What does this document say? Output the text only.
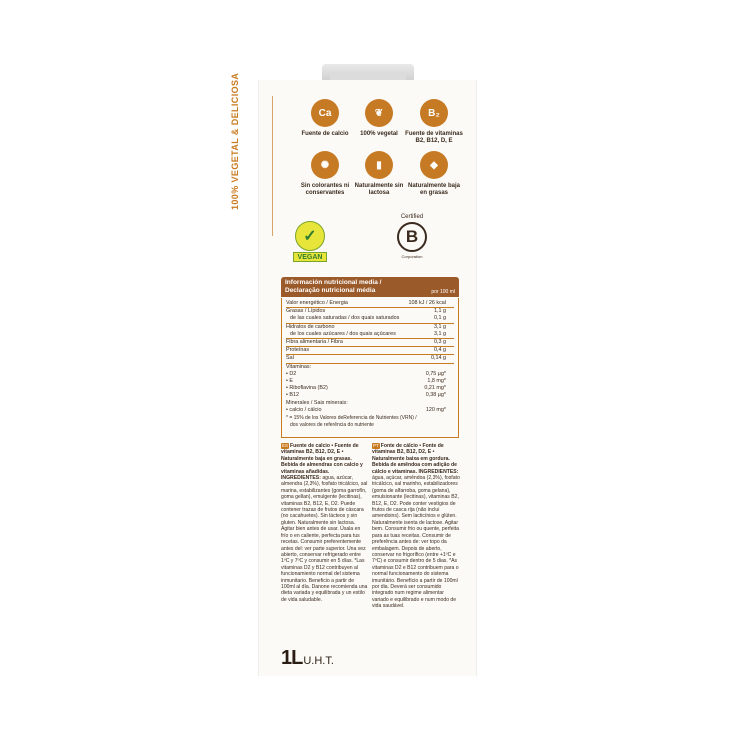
100% VEGETAL & DELICIOSA	Ca
Fuente de calcio
❦
100% vegetal
B₂
Fuente de vitaminas B2, B12, D, E
✺
Sin colorantes ni conservantes
▮
Naturalmente sin lactosa
◆
Naturalmente baja en grasas
✓
VEGAN
Certified
B
Corporation
Información nutricional media /
Declaração nutricional média	por 100 ml
Valor energético / Energia	108 kJ / 26 kcal
Grasas / Lípidos	1,1 g
de las cuales saturadas / dos quais saturados	0,1 g
Hidratos de carbono	3,1 g
de los cuales azúcares / dos quais açúcares	3,1 g
Fibra alimentaria / Fibra	0,3 g
Proteínas	0,4 g
Sal	0,14 g
Vitaminas:
• D2	0,75 µg*
• E	1,8 mg*
• Riboflavina (B2)	0,21 mg*
• B12	0,38 µg*
Minerales / Sais minerais:
• calcio / cálcio	120 mg*
* = 15% de los Valores deReferencia de Nutrientes (VRN) /
dos valores de referência do nutriente
ES Fuente de calcio • Fuente de vitaminas B2, B12, D2, E • Naturalmente baja en grasas. Bebida de almendras con calcio y vitaminas añadidas. INGREDIENTES: agua, azúcar, almendra (2,3%), fosfato tricálcico, sal marina, estabilizantes (goma garrofín, goma gellan), emulgente (lecitinas), vitaminas B2, B12, E, D2. Puede contener trazas de frutos de cáscara (no cacahuetes). Sin lácteos y sin gluten. Naturalmente sin lactosa. Agitar bien antes de usar. Úsala en frío o en caliente, perfecta para tus recetas. Consumir preferentemente antes del: ver parte superior. Una vez abierto, conservar refrigerado entre 1ºC y 7ºC y consumir en 5 días. *Las vitaminas D2 y B12 contribuyen al funcionamiento normal del sistema inmunitario. Beneficio a partir de 100ml al día. Danone recomienda una dieta variada y equilibrada y un estilo de vida saludable.
PT Fonte de cálcio • Fonte de vitaminas B2, B12, D2, E • Naturalmente baixa em gordura. Bebida de amêndoa com adição de cálcio e vitaminas. INGREDIENTES: água, açúcar, amêndoa (2,3%), fosfato tricálcico, sal marinho, estabilizadores (goma de alfarroba, goma gelana), emulsionante (lecitinas), vitaminas B2, B12, E, D2. Pode conter vestígios de frutos de casca rija (não inclui amendoins). Sem lacticínios e glúten. Naturalmente isenta de lactose. Agitar bem. Consumir frio ou quente, perfeita para as tuas receitas. Consumir de preferência antes de: ver topo da embalagem. Depois de aberto, conservar no frigorífico (entre +1ºC e 7ºC) e consumir dentro de 5 dias. *As vitaminas D2 e B12 contribuem para o normal funcionamento do sistema imunitário. Benefício a partir de 100ml por dia. Deverá ser consumido integrado num regime alimentar variado e equilibrado e num modo de vida saudável.
1LU.H.T.
